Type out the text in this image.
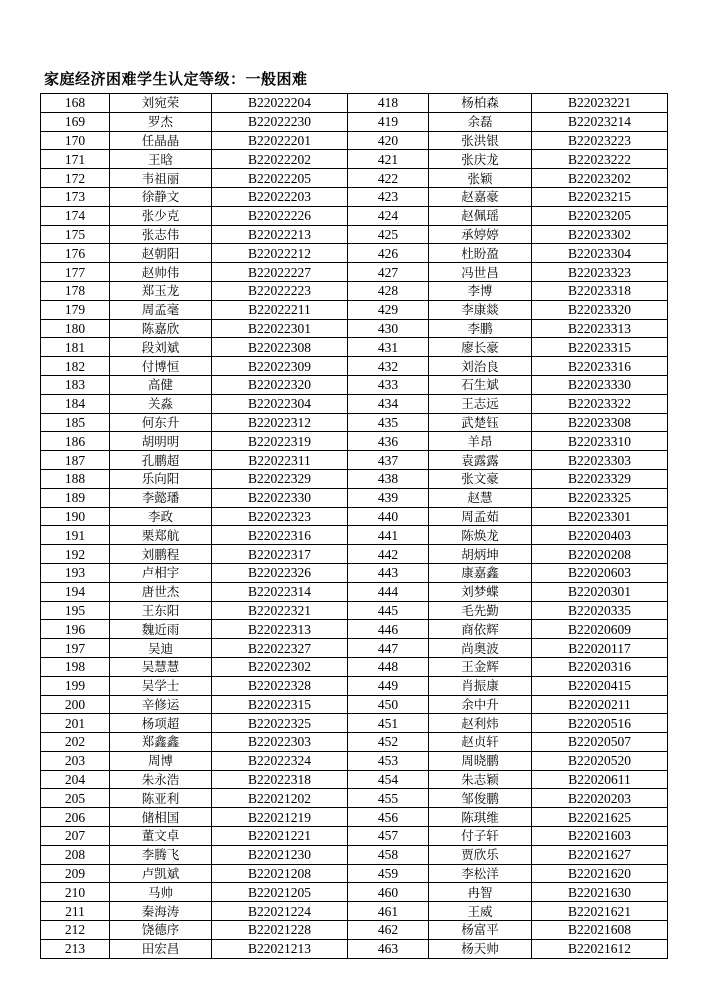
家庭经济困难学生认定等级：一般困难
168	刘宛荣	B22022204	418	杨柏森	B22023221
169	罗杰	B22022230	419	余磊	B22023214
170	任晶晶	B22022201	420	张洪银	B22023223
171	王晗	B22022202	421	张庆龙	B22023222
172	韦祖丽	B22022205	422	张颖	B22023202
173	徐静文	B22022203	423	赵嘉豪	B22023215
174	张少克	B22022226	424	赵佩瑶	B22023205
175	张志伟	B22022213	425	承婷婷	B22023302
176	赵朝阳	B22022212	426	杜盼盈	B22023304
177	赵帅伟	B22022227	427	冯世昌	B22023323
178	郑玉龙	B22022223	428	李博	B22023318
179	周孟毫	B22022211	429	李康燚	B22023320
180	陈嘉欣	B22022301	430	李鹏	B22023313
181	段刘斌	B22022308	431	廖长豪	B22023315
182	付博恒	B22022309	432	刘治良	B22023316
183	高健	B22022320	433	石生斌	B22023330
184	关淼	B22022304	434	王志远	B22023322
185	何东升	B22022312	435	武楚钰	B22023308
186	胡明明	B22022319	436	羊昂	B22023310
187	孔鹏超	B22022311	437	袁露露	B22023303
188	乐向阳	B22022329	438	张文豪	B22023329
189	李懿璠	B22022330	439	赵慧	B22023325
190	李政	B22022323	440	周孟茹	B22023301
191	栗郑航	B22022316	441	陈焕龙	B22020403
192	刘鹏程	B22022317	442	胡炳坤	B22020208
193	卢相宇	B22022326	443	康嘉鑫	B22020603
194	唐世杰	B22022314	444	刘梦蝶	B22020301
195	王东阳	B22022321	445	毛先勤	B22020335
196	魏近雨	B22022313	446	商依辉	B22020609
197	吴迪	B22022327	447	尚奥波	B22020117
198	吴慧慧	B22022302	448	王金辉	B22020316
199	吴学士	B22022328	449	肖振康	B22020415
200	辛修运	B22022315	450	余中升	B22020211
201	杨项超	B22022325	451	赵利炜	B22020516
202	郑鑫鑫	B22022303	452	赵贞轩	B22020507
203	周博	B22022324	453	周晓鹏	B22020520
204	朱永浩	B22022318	454	朱志颖	B22020611
205	陈亚利	B22021202	455	邹俊鹏	B22020203
206	储相国	B22021219	456	陈琪维	B22021625
207	董文卓	B22021221	457	付子轩	B22021603
208	李腾飞	B22021230	458	贾欣乐	B22021627
209	卢凯斌	B22021208	459	李松洋	B22021620
210	马帅	B22021205	460	冉智	B22021630
211	秦海涛	B22021224	461	王威	B22021621
212	饶德序	B22021228	462	杨富平	B22021608
213	田宏昌	B22021213	463	杨天帅	B22021612
